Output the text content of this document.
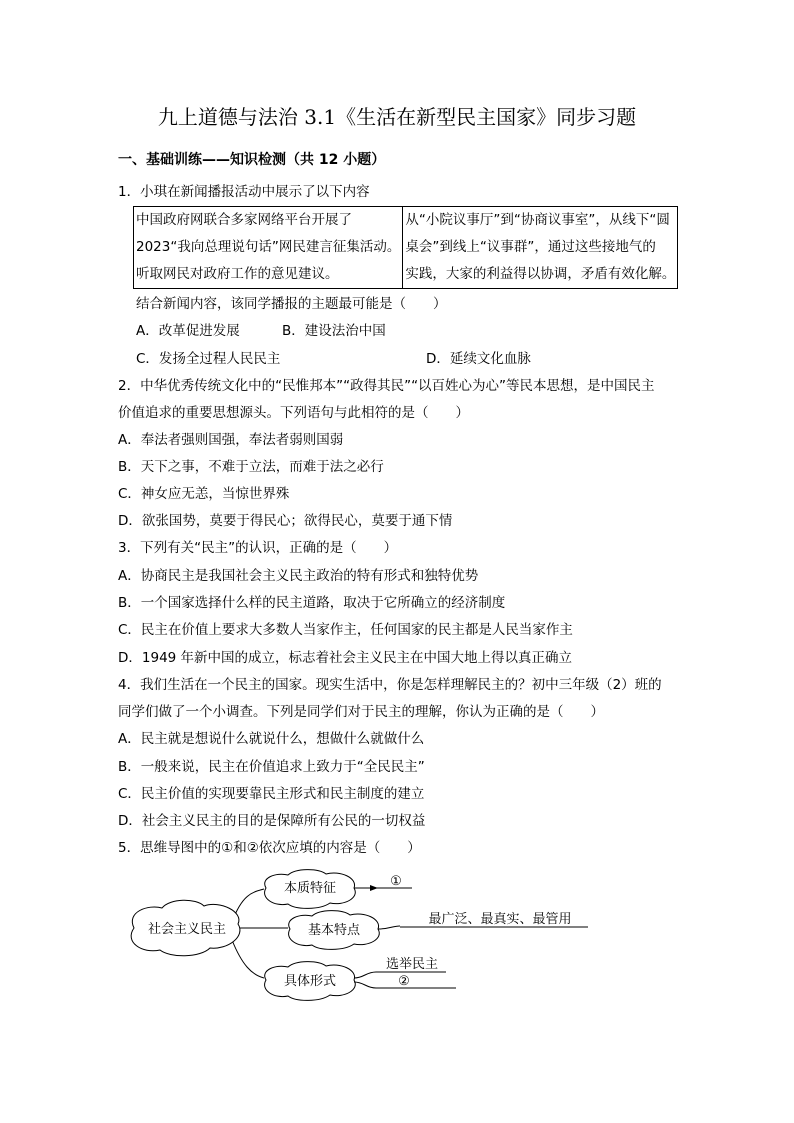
九上道德与法治 3.1《生活在新型民主国家》同步习题
一、基础训练——知识检测（共 12 小题）
1．小琪在新闻播报活动中展示了以下内容
中国政府网联合多家网络平台开展了
2023“我向总理说句话”网民建言征集活动。
听取网民对政府工作的意见建议。

从“小院议事厅”到“协商议事室”，从线下“圆
桌会”到线上“议事群”，通过这些接地气的
实践，大家的利益得以协调，矛盾有效化解。
结合新闻内容，该同学播报的主题最可能是（　　）
A．改革促进发展	B．建设法治中国
C．发扬全过程人民民主	D．延续文化血脉
2．中华优秀传统文化中的“民惟邦本”“政得其民”“以百姓心为心”等民本思想，是中国民主
价值追求的重要思想源头。下列语句与此相符的是（　　）
A．奉法者强则国强，奉法者弱则国弱
B．天下之事，不难于立法，而难于法之必行
C．神女应无恙，当惊世界殊
D．欲张国势，莫要于得民心；欲得民心，莫要于通下情
3．下列有关“民主”的认识，正确的是（　　）
A．协商民主是我国社会主义民主政治的特有形式和独特优势
B．一个国家选择什么样的民主道路，取决于它所确立的经济制度
C．民主在价值上要求大多数人当家作主，任何国家的民主都是人民当家作主
D．1949 年新中国的成立，标志着社会主义民主在中国大地上得以真正确立
4．我们生活在一个民主的国家。现实生活中，你是怎样理解民主的？初中三年级（2）班的
同学们做了一个小调查。下列是同学们对于民主的理解，你认为正确的是（　　）
A．民主就是想说什么就说什么，想做什么就做什么
B．一般来说，民主在价值追求上致力于“全民民主”
C．民主价值的实现要靠民主形式和民主制度的建立
D．社会主义民主的目的是保障所有公民的一切权益
5．思维导图中的①和②依次应填的内容是（　　）
社会主义民主
本质特征	①
基本特点
最广泛、最真实、最管用
具体形式
选举民主
②
